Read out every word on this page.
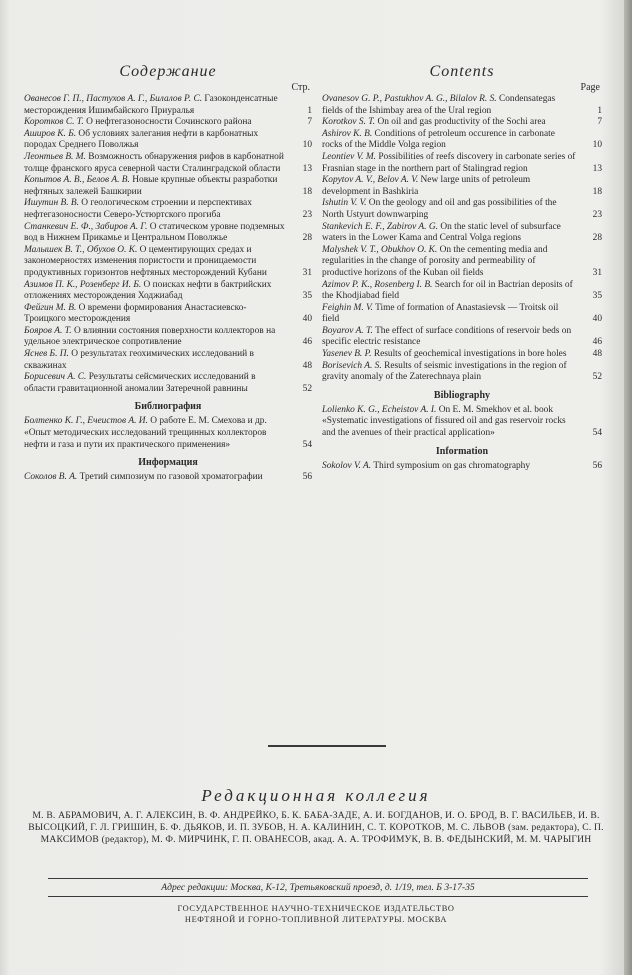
Содержание
Стр.
Ованесов Г. П., Пастухов А. Г., Билалов Р. С. Газоконденсатные месторождения Ишимбайского Приуралья	1
Коротков С. Т. О нефтегазоносности Сочинского района	7
Аширов К. Б. Об условиях залегания нефти в карбонатных породах Среднего Поволжья	10
Леонтьев В. М. Возможность обнаружения рифов в карбонатной толще франского яруса северной части Сталинградской области	13
Копытов А. В., Белов А. В. Новые крупные объекты разработки нефтяных залежей Башкирии	18
Ишутин В. В. О геологическом строении и перспективах нефтегазоносности Северо-Устюртского прогиба	23
Станкевич Е. Ф., Забиров А. Г. О статическом уровне подземных вод в Нижнем Прикамье и Центральном Поволжье	28
Малышек В. Т., Обухов О. К. О цементирующих средах и закономерностях изменения пористости и проницаемости продуктивных горизонтов нефтяных месторождений Кубани	31
Азимов П. К., Розенберг И. Б. О поисках нефти в бактрийских отложениях месторождения Ходжиабад	35
Фейгин М. В. О времени формирования Анастасиевско-Троицкого месторождения	40
Бояров А. Т. О влиянии состояния поверхности коллекторов на удельное электрическое сопротивление	46
Яснев Б. П. О результатах геохимических исследований в скважинах	48
Борисевич А. С. Результаты сейсмических исследований в области гравитационной аномалии Затеречной равнины	52
Библиография
Болтенко К. Г., Ечеистов А. И. О работе Е. М. Смехова и др. «Опыт методических исследований трещинных коллекторов нефти и газа и пути их практического применения»	54
Информация
Соколов В. А. Третий симпозиум по газовой хроматографии	56
Contents
Page
Ovanesov G. P., Pastukhov A. G., Bilalov R. S. Condensategas fields of the Ishimbay area of the Ural region	1
Korotkov S. T. On oil and gas productivity of the Sochi area	7
Ashirov K. B. Conditions of petroleum occurence in carbonate rocks of the Middle Volga region	10
Leontiev V. M. Possibilities of reefs discovery in carbonate series of Frasnian stage in the northern part of Stalingrad region	13
Kopytov A. V., Belov A. V. New large units of petroleum development in Bashkiria	18
Ishutin V. V. On the geology and oil and gas possibilities of the North Ustyurt downwarping	23
Stankevich E. F., Zabirov A. G. On the static level of subsurface waters in the Lower Kama and Central Volga regions	28
Malyshek V. T., Obukhov O. K. On the cementing media and regularities in the change of porosity and permeability of productive horizons of the Kuban oil fields	31
Azimov P. K., Rosenberg I. B. Search for oil in Bactrian deposits of the Khodjiabad field	35
Feighin M. V. Time of formation of Anastasievsk — Troitsk oil field	40
Boyarov A. T. The effect of surface conditions of reservoir beds on specific electric resistance	46
Yasenev B. P. Results of geochemical investigations in bore holes	48
Borisevich A. S. Results of seismic investigations in the region of gravity anomaly of the Zaterechnaya plain	52
Bibliography
Lolienko K. G., Echeistov A. I. On E. M. Smekhov et al. book «Systematic investigations of fissured oil and gas reservoir rocks and the avenues of their practical application»	54
Information
Sokolov V. A. Third symposium on gas chromatography	56
Редакционная коллегия
М. В. АБРАМОВИЧ, А. Г. АЛЕКСИН, В. Ф. АНДРЕЙКО, Б. К. БАБА-ЗАДЕ, А. И. БОГДАНОВ, И. О. БРОД, В. Г. ВАСИЛЬЕВ, И. В. ВЫСОЦКИЙ, Г. Л. ГРИШИН, Б. Ф. ДЬЯКОВ, И. П. ЗУБОВ, Н. А. КАЛИНИН, С. Т. КОРОТКОВ, М. С. ЛЬВОВ (зам. редактора), С. П. МАКСИМОВ (редактор), М. Ф. МИРЧИНК, Г. П. ОВАНЕСОВ, акад. А. А. ТРОФИМУК, В. В. ФЕДЫНСКИЙ, М. М. ЧАРЫГИН
Адрес редакции: Москва, К-12, Третьяковский проезд, д. 1/19, тел. Б 3-17-35
ГОСУДАРСТВЕННОЕ НАУЧНО-ТЕХНИЧЕСКОЕ ИЗДАТЕЛЬСТВО
НЕФТЯНОЙ И ГОРНО-ТОПЛИВНОЙ ЛИТЕРАТУРЫ. МОСКВА
